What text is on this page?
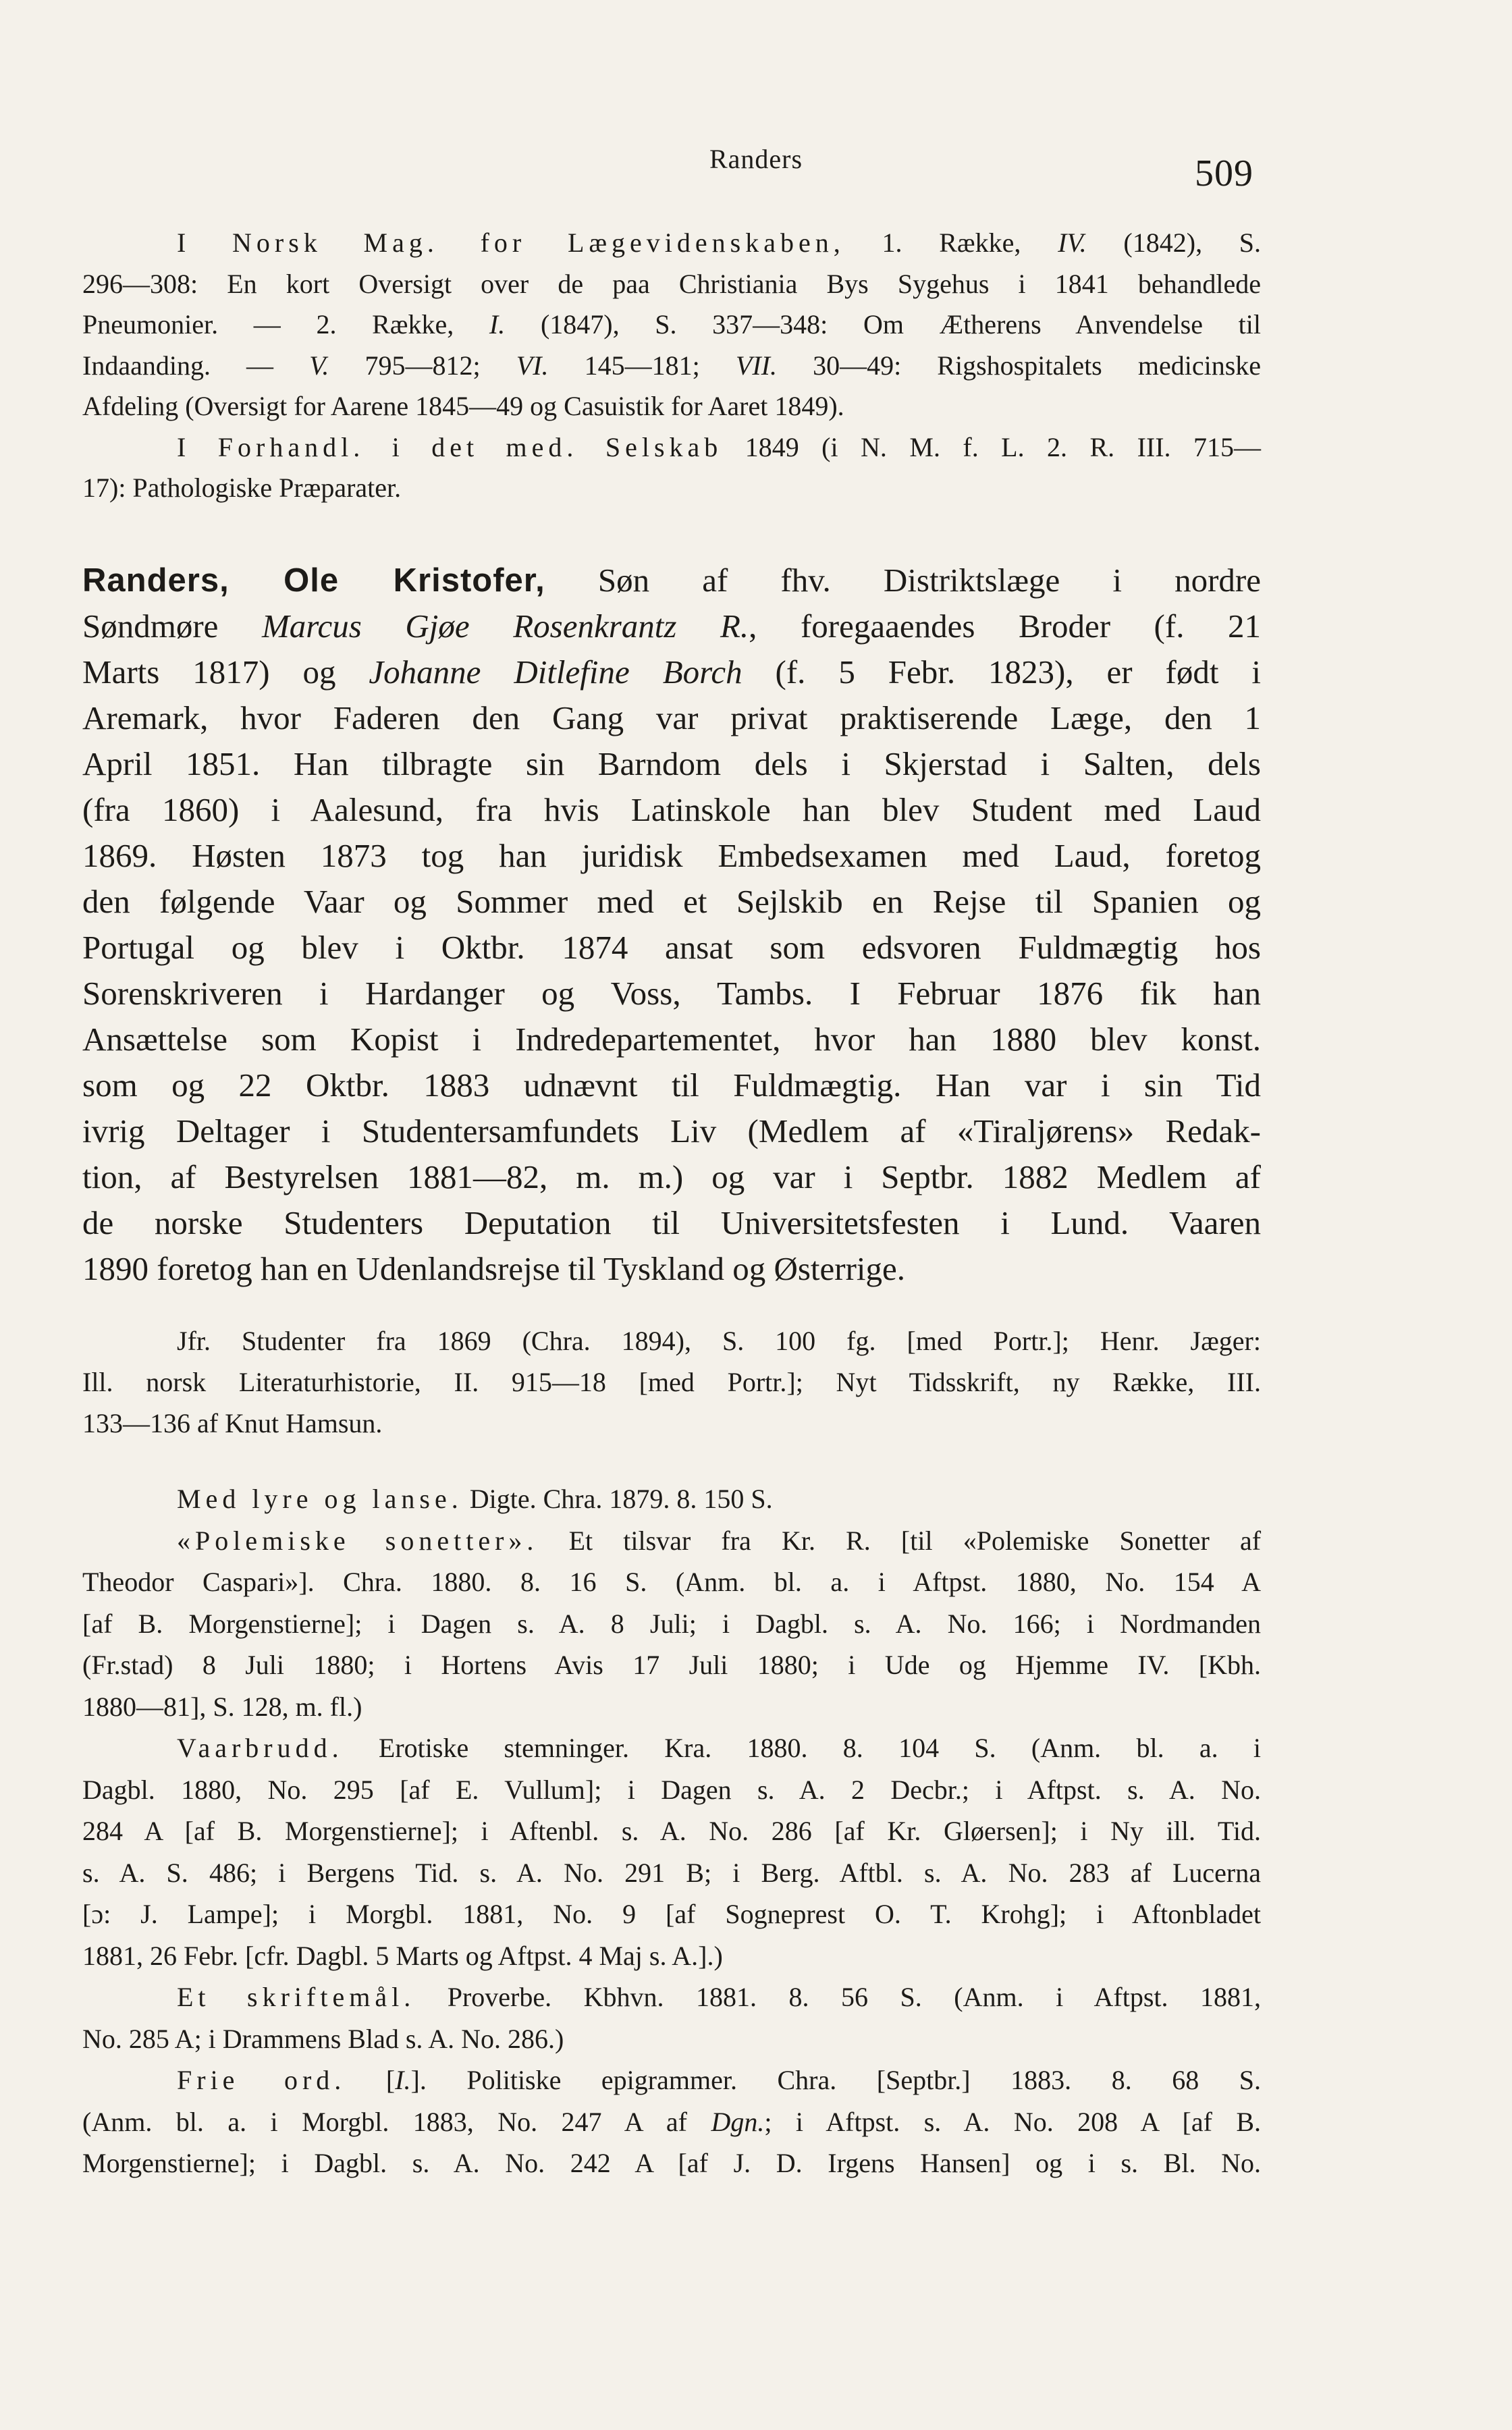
Randers	509
I Norsk Mag. for Lægevidenskaben, 1. Række, IV. (1842), S.
296—308: En kort Oversigt over de paa Christiania Bys Sygehus i 1841 behandlede
Pneumonier. — 2. Række, I. (1847), S. 337—348: Om Ætherens Anvendelse til
Indaanding. — V. 795—812; VI. 145—181; VII. 30—49: Rigshospitalets medicinske
Afdeling (Oversigt for Aarene 1845—49 og Casuistik for Aaret 1849).
I Forhandl. i det med. Selskab 1849 (i N. M. f. L. 2. R. III. 715—
17): Pathologiske Præparater.
Randers, Ole Kristofer, Søn af fhv. Distriktslæge i nordre
Søndmøre Marcus Gjøe Rosenkrantz R., foregaaendes Broder (f. 21
Marts 1817) og Johanne Ditlefine Borch (f. 5 Febr. 1823), er født i
Aremark, hvor Faderen den Gang var privat praktiserende Læge, den 1
April 1851. Han tilbragte sin Barndom dels i Skjerstad i Salten, dels
(fra 1860) i Aalesund, fra hvis Latinskole han blev Student med Laud
1869. Høsten 1873 tog han juridisk Embedsexamen med Laud, foretog
den følgende Vaar og Sommer med et Sejlskib en Rejse til Spanien og
Portugal og blev i Oktbr. 1874 ansat som edsvoren Fuldmægtig hos
Sorenskriveren i Hardanger og Voss, Tambs. I Februar 1876 fik han
Ansættelse som Kopist i Indredepartementet, hvor han 1880 blev konst.
som og 22 Oktbr. 1883 udnævnt til Fuldmægtig. Han var i sin Tid
ivrig Deltager i Studentersamfundets Liv (Medlem af «Tiraljørens» Redak-
tion, af Bestyrelsen 1881—82, m. m.) og var i Septbr. 1882 Medlem af
de norske Studenters Deputation til Universitetsfesten i Lund. Vaaren
1890 foretog han en Udenlandsrejse til Tyskland og Østerrige.
Jfr. Studenter fra 1869 (Chra. 1894), S. 100 fg. [med Portr.]; Henr. Jæger:
Ill. norsk Literaturhistorie, II. 915—18 [med Portr.]; Nyt Tidsskrift, ny Række, III.
133—136 af Knut Hamsun.
Med lyre og lanse. Digte. Chra. 1879. 8. 150 S.
«Polemiske sonetter». Et tilsvar fra Kr. R. [til «Polemiske Sonetter af
Theodor Caspari»]. Chra. 1880. 8. 16 S. (Anm. bl. a. i Aftpst. 1880, No. 154 A
[af B. Morgenstierne]; i Dagen s. A. 8 Juli; i Dagbl. s. A. No. 166; i Nordmanden
(Fr.stad) 8 Juli 1880; i Hortens Avis 17 Juli 1880; i Ude og Hjemme IV. [Kbh.
1880—81], S. 128, m. fl.)
Vaarbrudd. Erotiske stemninger. Kra. 1880. 8. 104 S. (Anm. bl. a. i
Dagbl. 1880, No. 295 [af E. Vullum]; i Dagen s. A. 2 Decbr.; i Aftpst. s. A. No.
284 A [af B. Morgenstierne]; i Aftenbl. s. A. No. 286 [af Kr. Gløersen]; i Ny ill. Tid.
s. A. S. 486; i Bergens Tid. s. A. No. 291 B; i Berg. Aftbl. s. A. No. 283 af Lucerna
[ɔ: J. Lampe]; i Morgbl. 1881, No. 9 [af Sogneprest O. T. Krohg]; i Aftonbladet
1881, 26 Febr. [cfr. Dagbl. 5 Marts og Aftpst. 4 Maj s. A.].)
Et skriftemål. Proverbe. Kbhvn. 1881. 8. 56 S. (Anm. i Aftpst. 1881,
No. 285 A; i Drammens Blad s. A. No. 286.)
Frie ord. [I.]. Politiske epigrammer. Chra. [Septbr.] 1883. 8. 68 S.
(Anm. bl. a. i Morgbl. 1883, No. 247 A af Dgn.; i Aftpst. s. A. No. 208 A [af B.
Morgenstierne]; i Dagbl. s. A. No. 242 A [af J. D. Irgens Hansen] og i s. Bl. No.
